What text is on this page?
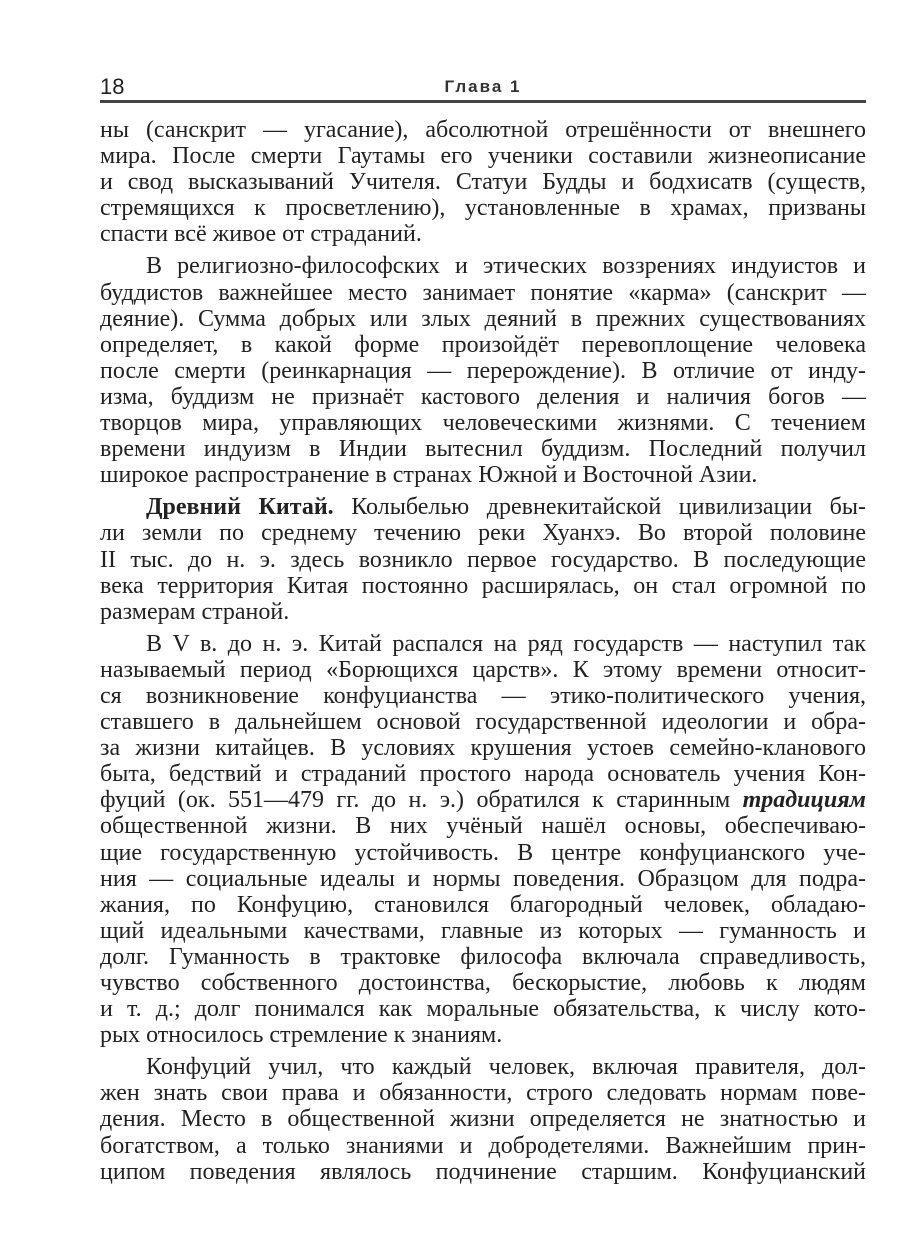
18	Глава 1
ны (санскрит — угасание), абсолютной отрешённости от внешнего
мира. После смерти Гаутамы его ученики составили жизнеописание
и свод высказываний Учителя. Статуи Будды и бодхисатв (существ,
стремящихся к просветлению), установленные в храмах, призваны
спасти всё живое от страданий.
В религиозно-философских и этических воззрениях индуистов и
буддистов важнейшее место занимает понятие «карма» (санскрит —
деяние). Сумма добрых или злых деяний в прежних существованиях
определяет, в какой форме произойдёт перевоплощение человека
после смерти (реинкарнация — перерождение). В отличие от инду-
изма, буддизм не признаёт кастового деления и наличия богов —
творцов мира, управляющих человеческими жизнями. С течением
времени индуизм в Индии вытеснил буддизм. Последний получил
широкое распространение в странах Южной и Восточной Азии.
Древний Китай. Колыбелью древнекитайской цивилизации бы-
ли земли по среднему течению реки Хуанхэ. Во второй половине
II тыс. до н. э. здесь возникло первое государство. В последующие
века территория Китая постоянно расширялась, он стал огромной по
размерам страной.
В V в. до н. э. Китай распался на ряд государств — наступил так
называемый период «Борющихся царств». К этому времени относит-
ся возникновение конфуцианства — этико-политического учения,
ставшего в дальнейшем основой государственной идеологии и обра-
за жизни китайцев. В условиях крушения устоев семейно-кланового
быта, бедствий и страданий простого народа основатель учения Кон-
фуций (ок. 551—479 гг. до н. э.) обратился к старинным традициям
общественной жизни. В них учёный нашёл основы, обеспечиваю-
щие государственную устойчивость. В центре конфуцианского уче-
ния — социальные идеалы и нормы поведения. Образцом для подра-
жания, по Конфуцию, становился благородный человек, обладаю-
щий идеальными качествами, главные из которых — гуманность и
долг. Гуманность в трактовке философа включала справедливость,
чувство собственного достоинства, бескорыстие, любовь к людям
и т. д.; долг понимался как моральные обязательства, к числу кото-
рых относилось стремление к знаниям.
Конфуций учил, что каждый человек, включая правителя, дол-
жен знать свои права и обязанности, строго следовать нормам пове-
дения. Место в общественной жизни определяется не знатностью и
богатством, а только знаниями и добродетелями. Важнейшим прин-
ципом поведения являлось подчинение старшим. Конфуцианский
